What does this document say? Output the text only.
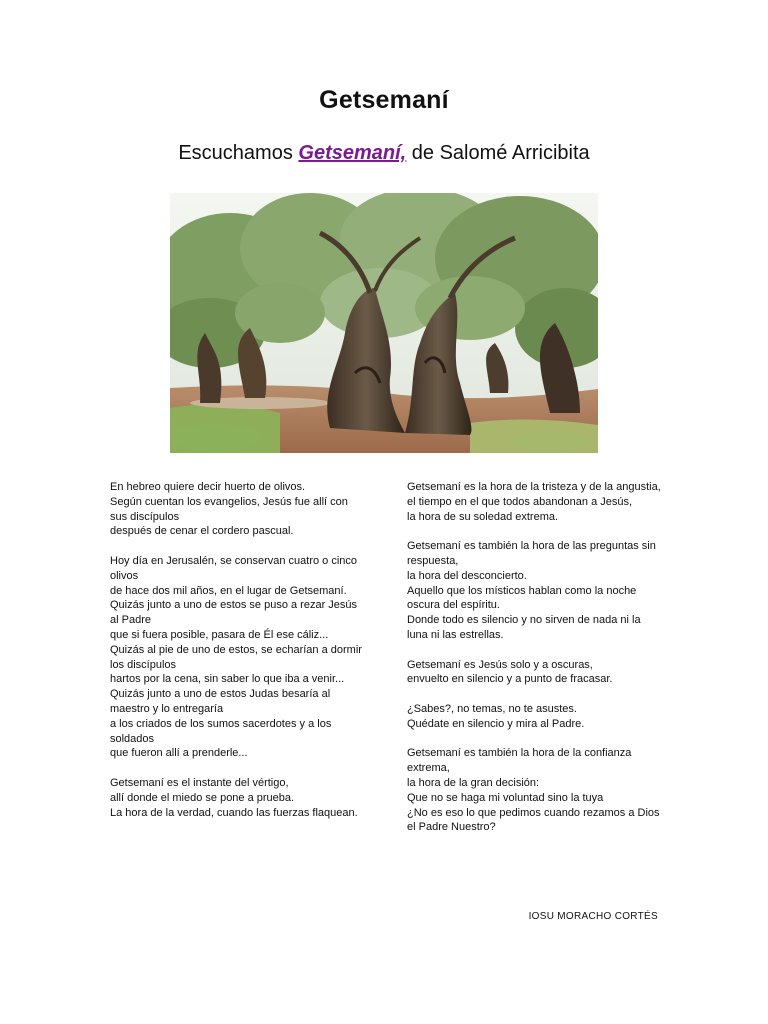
Getsemaní
Escuchamos Getsemaní, de Salomé Arricibita
En hebreo quiere decir huerto de olivos.
Según cuentan los evangelios, Jesús fue allí con sus discípulos
después de cenar el cordero pascual.
Hoy día en Jerusalén, se conservan cuatro o cinco olivos
de hace dos mil años, en el lugar de Getsemaní.
Quizás junto a uno de estos se puso a rezar Jesús al Padre
que si fuera posible, pasara de Él ese cáliz...
Quizás al pie de uno de estos, se echarían a dormir los discípulos
hartos por la cena, sin saber lo que iba a venir...
Quizás junto a uno de estos Judas besaría al maestro y lo entregaría
a los criados de los sumos sacerdotes y a los soldados
que fueron allí a prenderle...
Getsemaní es el instante del vértigo,
allí donde el miedo se pone a prueba.
La hora de la verdad, cuando las fuerzas flaquean.
Getsemaní es la hora de la tristeza y de la angustia,
el tiempo en el que todos abandonan a Jesús,
la hora de su soledad extrema.
Getsemaní es también la hora de las preguntas sin respuesta,
la hora del desconcierto.
Aquello que los místicos hablan como la noche oscura del espíritu.
Donde todo es silencio y no sirven de nada ni la luna ni las estrellas.
Getsemaní es Jesús solo y a oscuras,
envuelto en silencio y a punto de fracasar.
¿Sabes?, no temas, no te asustes.
Quédate en silencio y mira al Padre.
Getsemaní es también la hora de la confianza extrema,
la hora de la gran decisión:
Que no se haga mi voluntad sino la tuya
¿No es eso lo que pedimos cuando rezamos a Dios
el Padre Nuestro?
IOSU MORACHO CORTÉS
